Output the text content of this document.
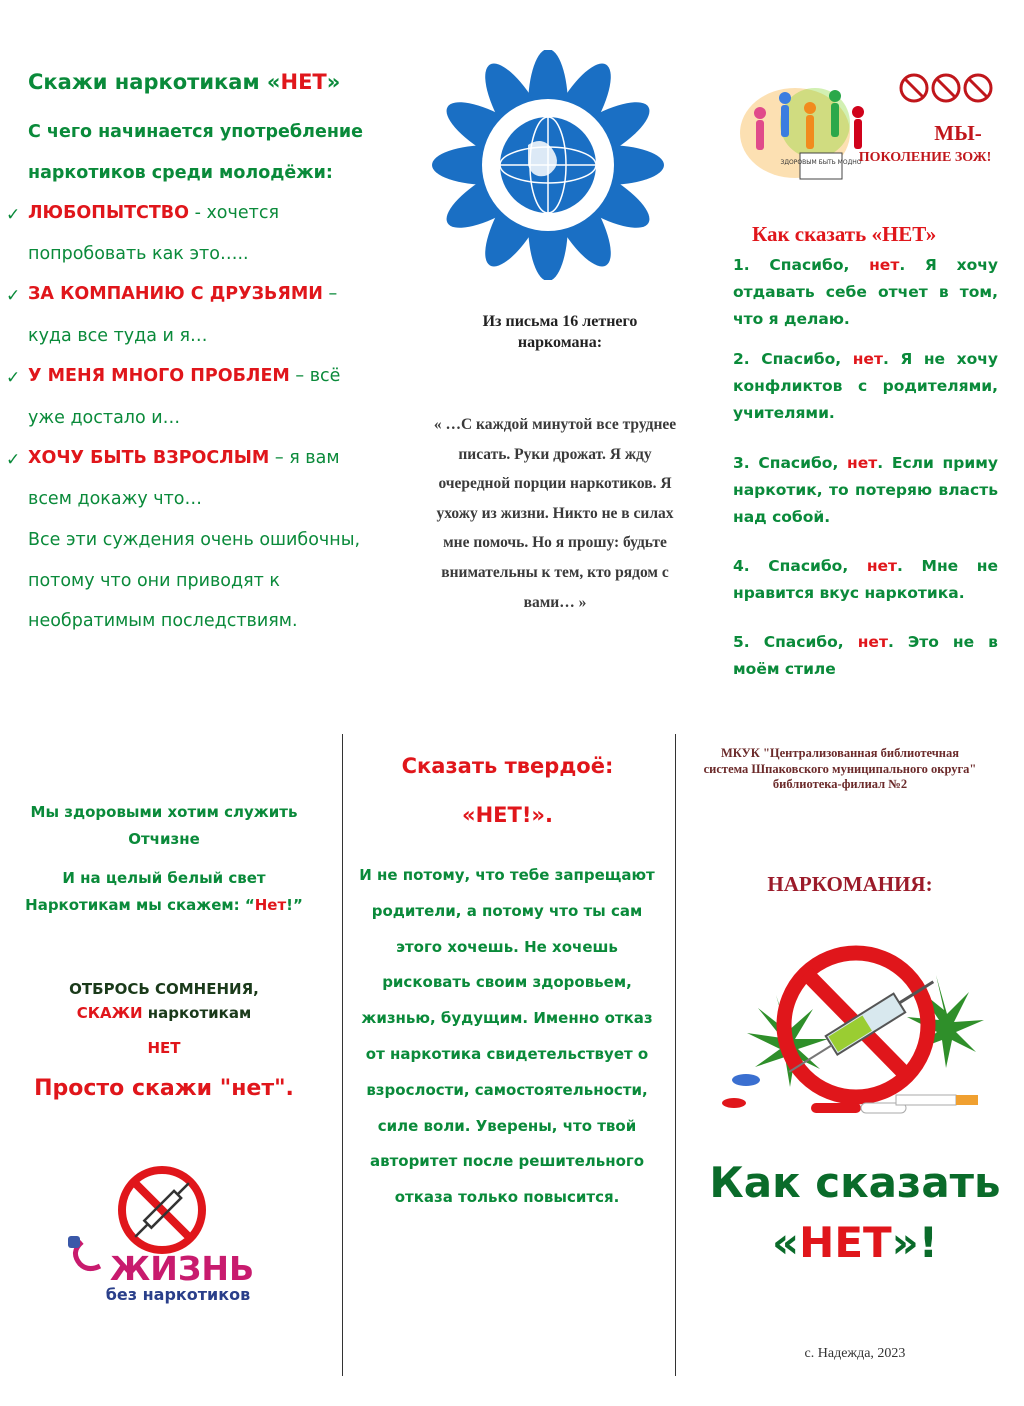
Скажи наркотикам «НЕТ»
С чего начинается употребление
наркотиков среди молодёжи:
✓ ЛЮБОПЫТСТВО - хочется
попробовать как это…..
✓ ЗА КОМПАНИЮ С ДРУЗЬЯМИ –
куда все туда и я…
✓ У МЕНЯ МНОГО ПРОБЛЕМ – всё
уже достало и…
✓ ХОЧУ БЫТЬ ВЗРОСЛЫМ – я вам
всем докажу что…
Все эти суждения очень ошибочны,
потому что они приводят к
необратимым последствиям.
Из письма 16 летнего наркомана:
« …С каждой минутой все труднее писать. Руки дрожат. Я жду очередной порции наркотиков. Я ухожу из жизни. Никто не в силах мне помочь. Но я прошу: будьте внимательны к тем, кто рядом с вами… »
ЗДОРОВЫМ БЫТЬ МОДНО
МЫ-
ПОКОЛЕНИЕ ЗОЖ!
Как сказать «НЕТ»
1. Спасибо, нет. Я хочу отдавать себе отчет в том, что я делаю.
2. Спасибо, нет. Я не хочу конфликтов с родителями, учителями.
3. Спасибо, нет. Если приму наркотик, то потеряю власть над собой.
4. Спасибо, нет. Мне не нравится вкус наркотика.
5. Спасибо, нет. Это не в моём стиле
Мы здоровыми хотим служить
Отчизне
И на целый белый свет
Наркотикам мы скажем: “Нет!”
ОТБРОСЬ СОМНЕНИЯ,
СКАЖИ наркотикам
НЕТ
Просто скажи "нет".
ЖИЗНЬ
без наркотиков
Сказать твердоё:
«НЕТ!».
И не потому, что тебе запрещают родители, а потому что ты сам этого хочешь. Не хочешь рисковать своим здоровьем, жизнью, будущим. Именно отказ от наркотика свидетельствует о взрослости, самостоятельности, силе воли. Уверены, что твой авторитет после решительного отказа только повысится.
МКУК "Централизованная библиотечная
система Шпаковского муниципального округа"
библиотека-филиал №2
НАРКОМАНИЯ:
Как сказать
«НЕТ»!
с. Надежда, 2023
